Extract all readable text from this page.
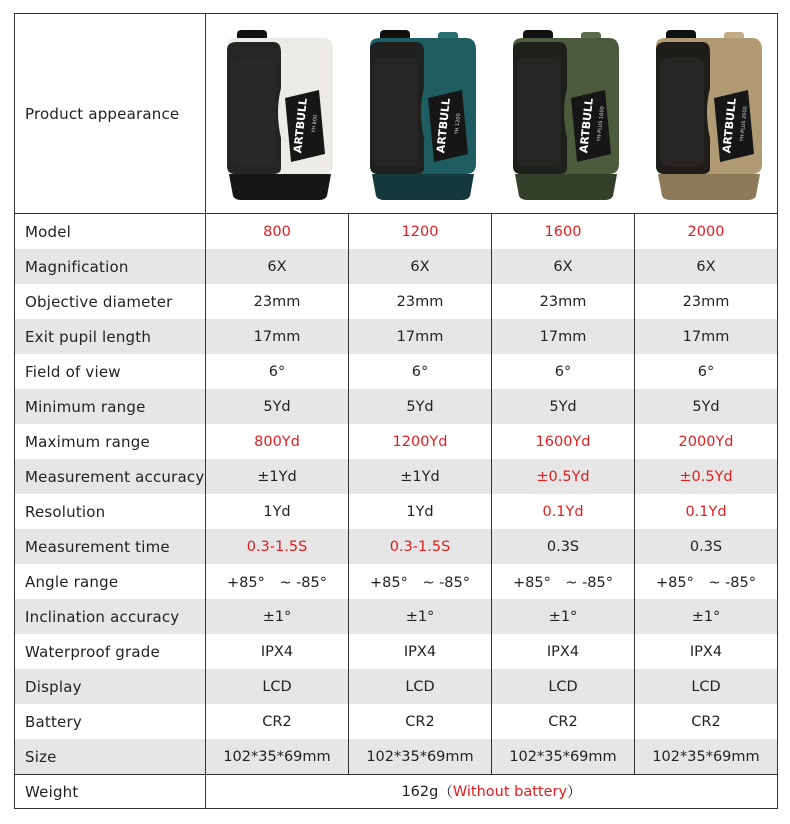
Product appearance	ARTBULL YH 800	ARTBULL YH 1200	ARTBULL YH-PLUS 1600	ARTBULL YH-PLUS 2000
Model	800	1200	1600	2000
Magnification	6X	6X	6X	6X
Objective diameter	23mm	23mm	23mm	23mm
Exit pupil length	17mm	17mm	17mm	17mm
Field of view	6°	6°	6°	6°
Minimum range	5Yd	5Yd	5Yd	5Yd
Maximum range	800Yd	1200Yd	1600Yd	2000Yd
Measurement accuracy	±1Yd	±1Yd	±0.5Yd	±0.5Yd
Resolution	1Yd	1Yd	0.1Yd	0.1Yd
Measurement time	0.3-1.5S	0.3-1.5S	0.3S	0.3S
Angle range	+85°　~ -85°	+85°　~ -85°	+85°　~ -85°	+85°　~ -85°
Inclination accuracy	±1°	±1°	±1°	±1°
Waterproof grade	IPX4	IPX4	IPX4	IPX4
Display	LCD	LCD	LCD	LCD
Battery	CR2	CR2	CR2	CR2
Size	102*35*69mm	102*35*69mm	102*35*69mm	102*35*69mm
Weight	162g （ Without battery ）
